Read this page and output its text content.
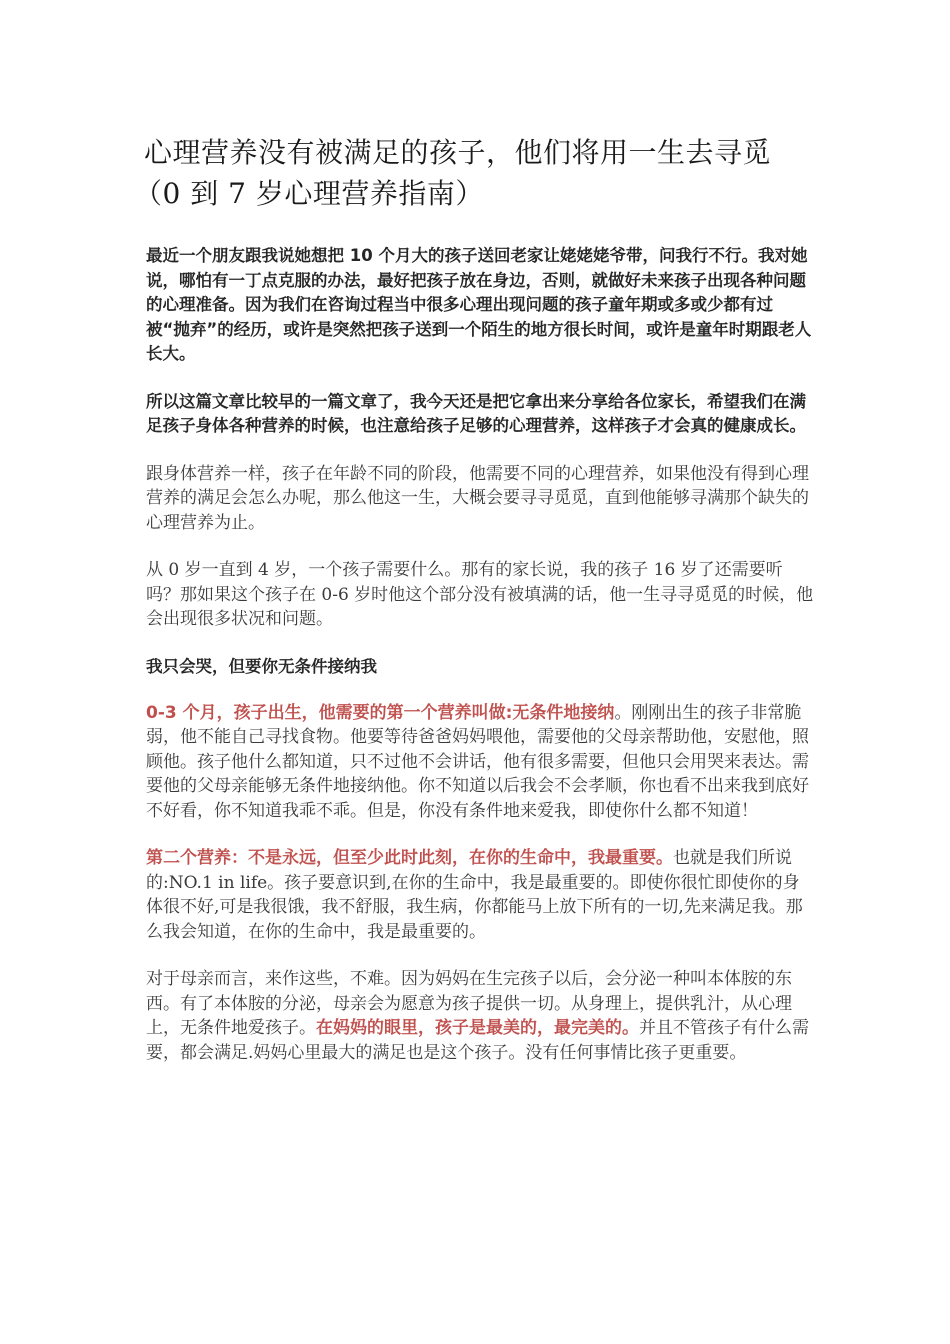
心理营养没有被满足的孩子，他们将用一生去寻觅
（0 到 7 岁心理营养指南）

最近一个朋友跟我说她想把 10 个月大的孩子送回老家让姥姥姥爷带，问我行不行。我对她说，哪怕有一丁点克服的办法，最好把孩子放在身边，否则，就做好未来孩子出现各种问题的心理准备。因为我们在咨询过程当中很多心理出现问题的孩子童年期或多或少都有过被“抛弃”的经历，或许是突然把孩子送到一个陌生的地方很长时间，或许是童年时期跟老人长大。

所以这篇文章比较早的一篇文章了，我今天还是把它拿出来分享给各位家长，希望我们在满足孩子身体各种营养的时候，也注意给孩子足够的心理营养，这样孩子才会真的健康成长。

跟身体营养一样，孩子在年龄不同的阶段，他需要不同的心理营养，如果他没有得到心理营养的满足会怎么办呢，那么他这一生，大概会要寻寻觅觅，直到他能够寻满那个缺失的心理营养为止。

从 0 岁一直到 4 岁，一个孩子需要什么。那有的家长说，我的孩子 16 岁了还需要听吗？那如果这个孩子在 0-6 岁时他这个部分没有被填满的话，他一生寻寻觅觅的时候，他会出现很多状况和问题。

我只会哭，但要你无条件接纳我

0-3 个月，孩子出生，他需要的第一个营养叫做:无条件地接纳。刚刚出生的孩子非常脆弱，他不能自己寻找食物。他要等待爸爸妈妈喂他，需要他的父母亲帮助他，安慰他，照顾他。孩子他什么都知道，只不过他不会讲话，他有很多需要，但他只会用哭来表达。需要他的父母亲能够无条件地接纳他。你不知道以后我会不会孝顺，你也看不出来我到底好不好看，你不知道我乖不乖。但是，你没有条件地来爱我，即使你什么都不知道！

第二个营养：不是永远，但至少此时此刻，在你的生命中，我最重要。也就是我们所说的:NO.1 in life。孩子要意识到,在你的生命中，我是最重要的。即使你很忙即使你的身体很不好,可是我很饿，我不舒服，我生病，你都能马上放下所有的一切,先来满足我。那么我会知道，在你的生命中，我是最重要的。

对于母亲而言，来作这些，不难。因为妈妈在生完孩子以后，会分泌一种叫本体胺的东西。有了本体胺的分泌，母亲会为愿意为孩子提供一切。从身理上，提供乳汁，从心理上，无条件地爱孩子。在妈妈的眼里，孩子是最美的，最完美的。并且不管孩子有什么需要，都会满足.妈妈心里最大的满足也是这个孩子。没有任何事情比孩子更重要。
